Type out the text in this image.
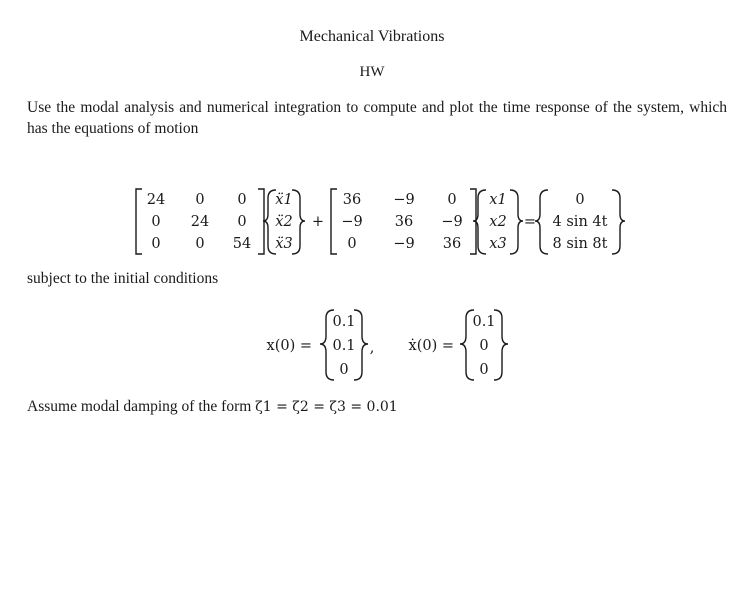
Mechanical Vibrations
HW
Use the modal analysis and numerical integration to compute and plot the time response of the system, which has the equations of motion
24 0 0
0 24 0
0 0 54
ẍ1
ẍ2
ẍ3
+
36 −9 0
−9 36 −9
0	−9 36
x1
x2
x3
=
0
4 sin 4t
8 sin 8t
subject to the initial conditions
x(0) =
0.1
0.1
0
, ẋ(0) =
0.1
0
0
Assume modal damping of the form ζ1 = ζ2 = ζ3 = 0.01
